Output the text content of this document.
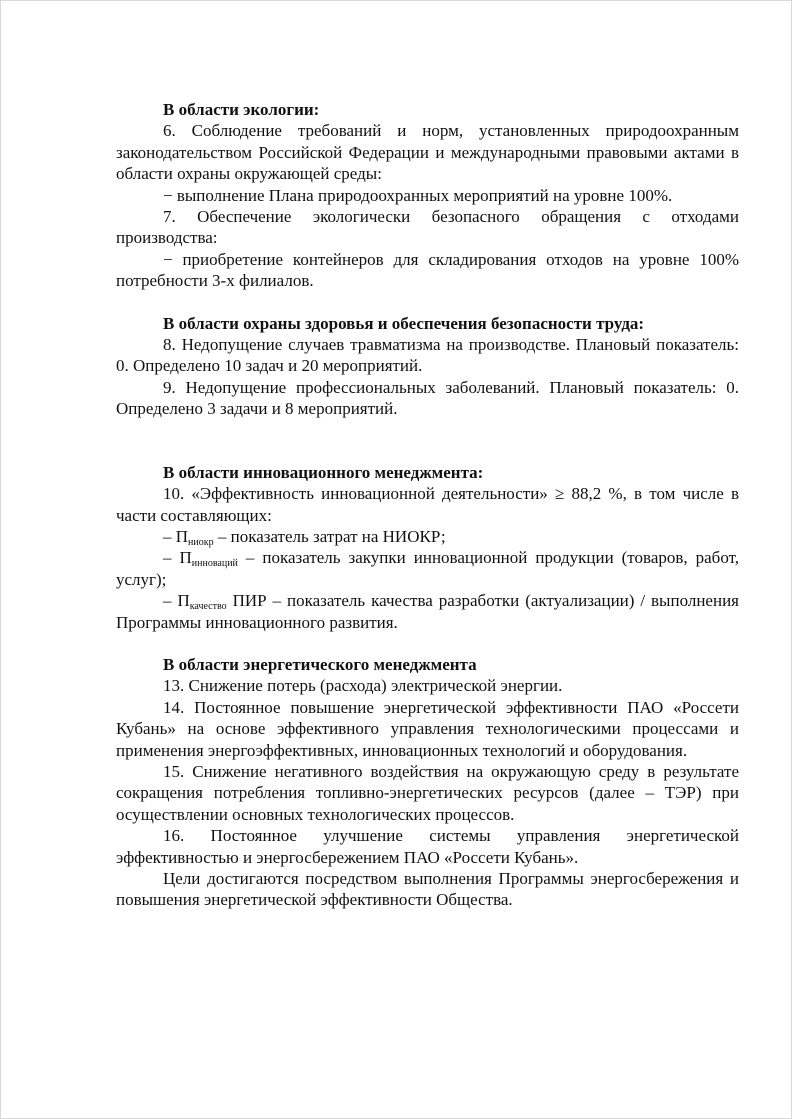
В области экологии:

6. Соблюдение требований и норм, установленных природоохранным законодательством Российской Федерации и международными правовыми актами в области охраны окружающей среды:

− выполнение Плана природоохранных мероприятий на уровне 100%.

7. Обеспечение экологически безопасного обращения с отходами производства:

− приобретение контейнеров для складирования отходов на уровне 100% потребности 3-х филиалов.

В области охраны здоровья и обеспечения безопасности труда:

8. Недопущение случаев травматизма на производстве. Плановый показатель: 0. Определено 10 задач и 20 мероприятий.

9. Недопущение профессиональных заболеваний. Плановый показатель: 0. Определено 3 задачи и 8 мероприятий.

В области инновационного менеджмента:

10. «Эффективность инновационной деятельности» ≥ 88,2 %, в том числе в части составляющих:

– $П_{ниокр}$ – показатель затрат на НИОКР;

– $П_{инноваций}$ – показатель закупки инновационной продукции (товаров, работ, услуг);

– $П_{качество}$ ПИР – показатель качества разработки (актуализации) / выполнения Программы инновационного развития.

В области энергетического менеджмента

13. Снижение потерь (расхода) электрической энергии.

14. Постоянное повышение энергетической эффективности ПАО «Россети Кубань» на основе эффективного управления технологическими процессами и применения энергоэффективных, инновационных технологий и оборудования.

15. Снижение негативного воздействия на окружающую среду в результате сокращения потребления топливно-энергетических ресурсов (далее – ТЭР) при осуществлении основных технологических процессов.

16. Постоянное улучшение системы управления энергетической эффективностью и энергосбережением ПАО «Россети Кубань».

Цели достигаются посредством выполнения Программы энергосбережения и повышения энергетической эффективности Общества.
